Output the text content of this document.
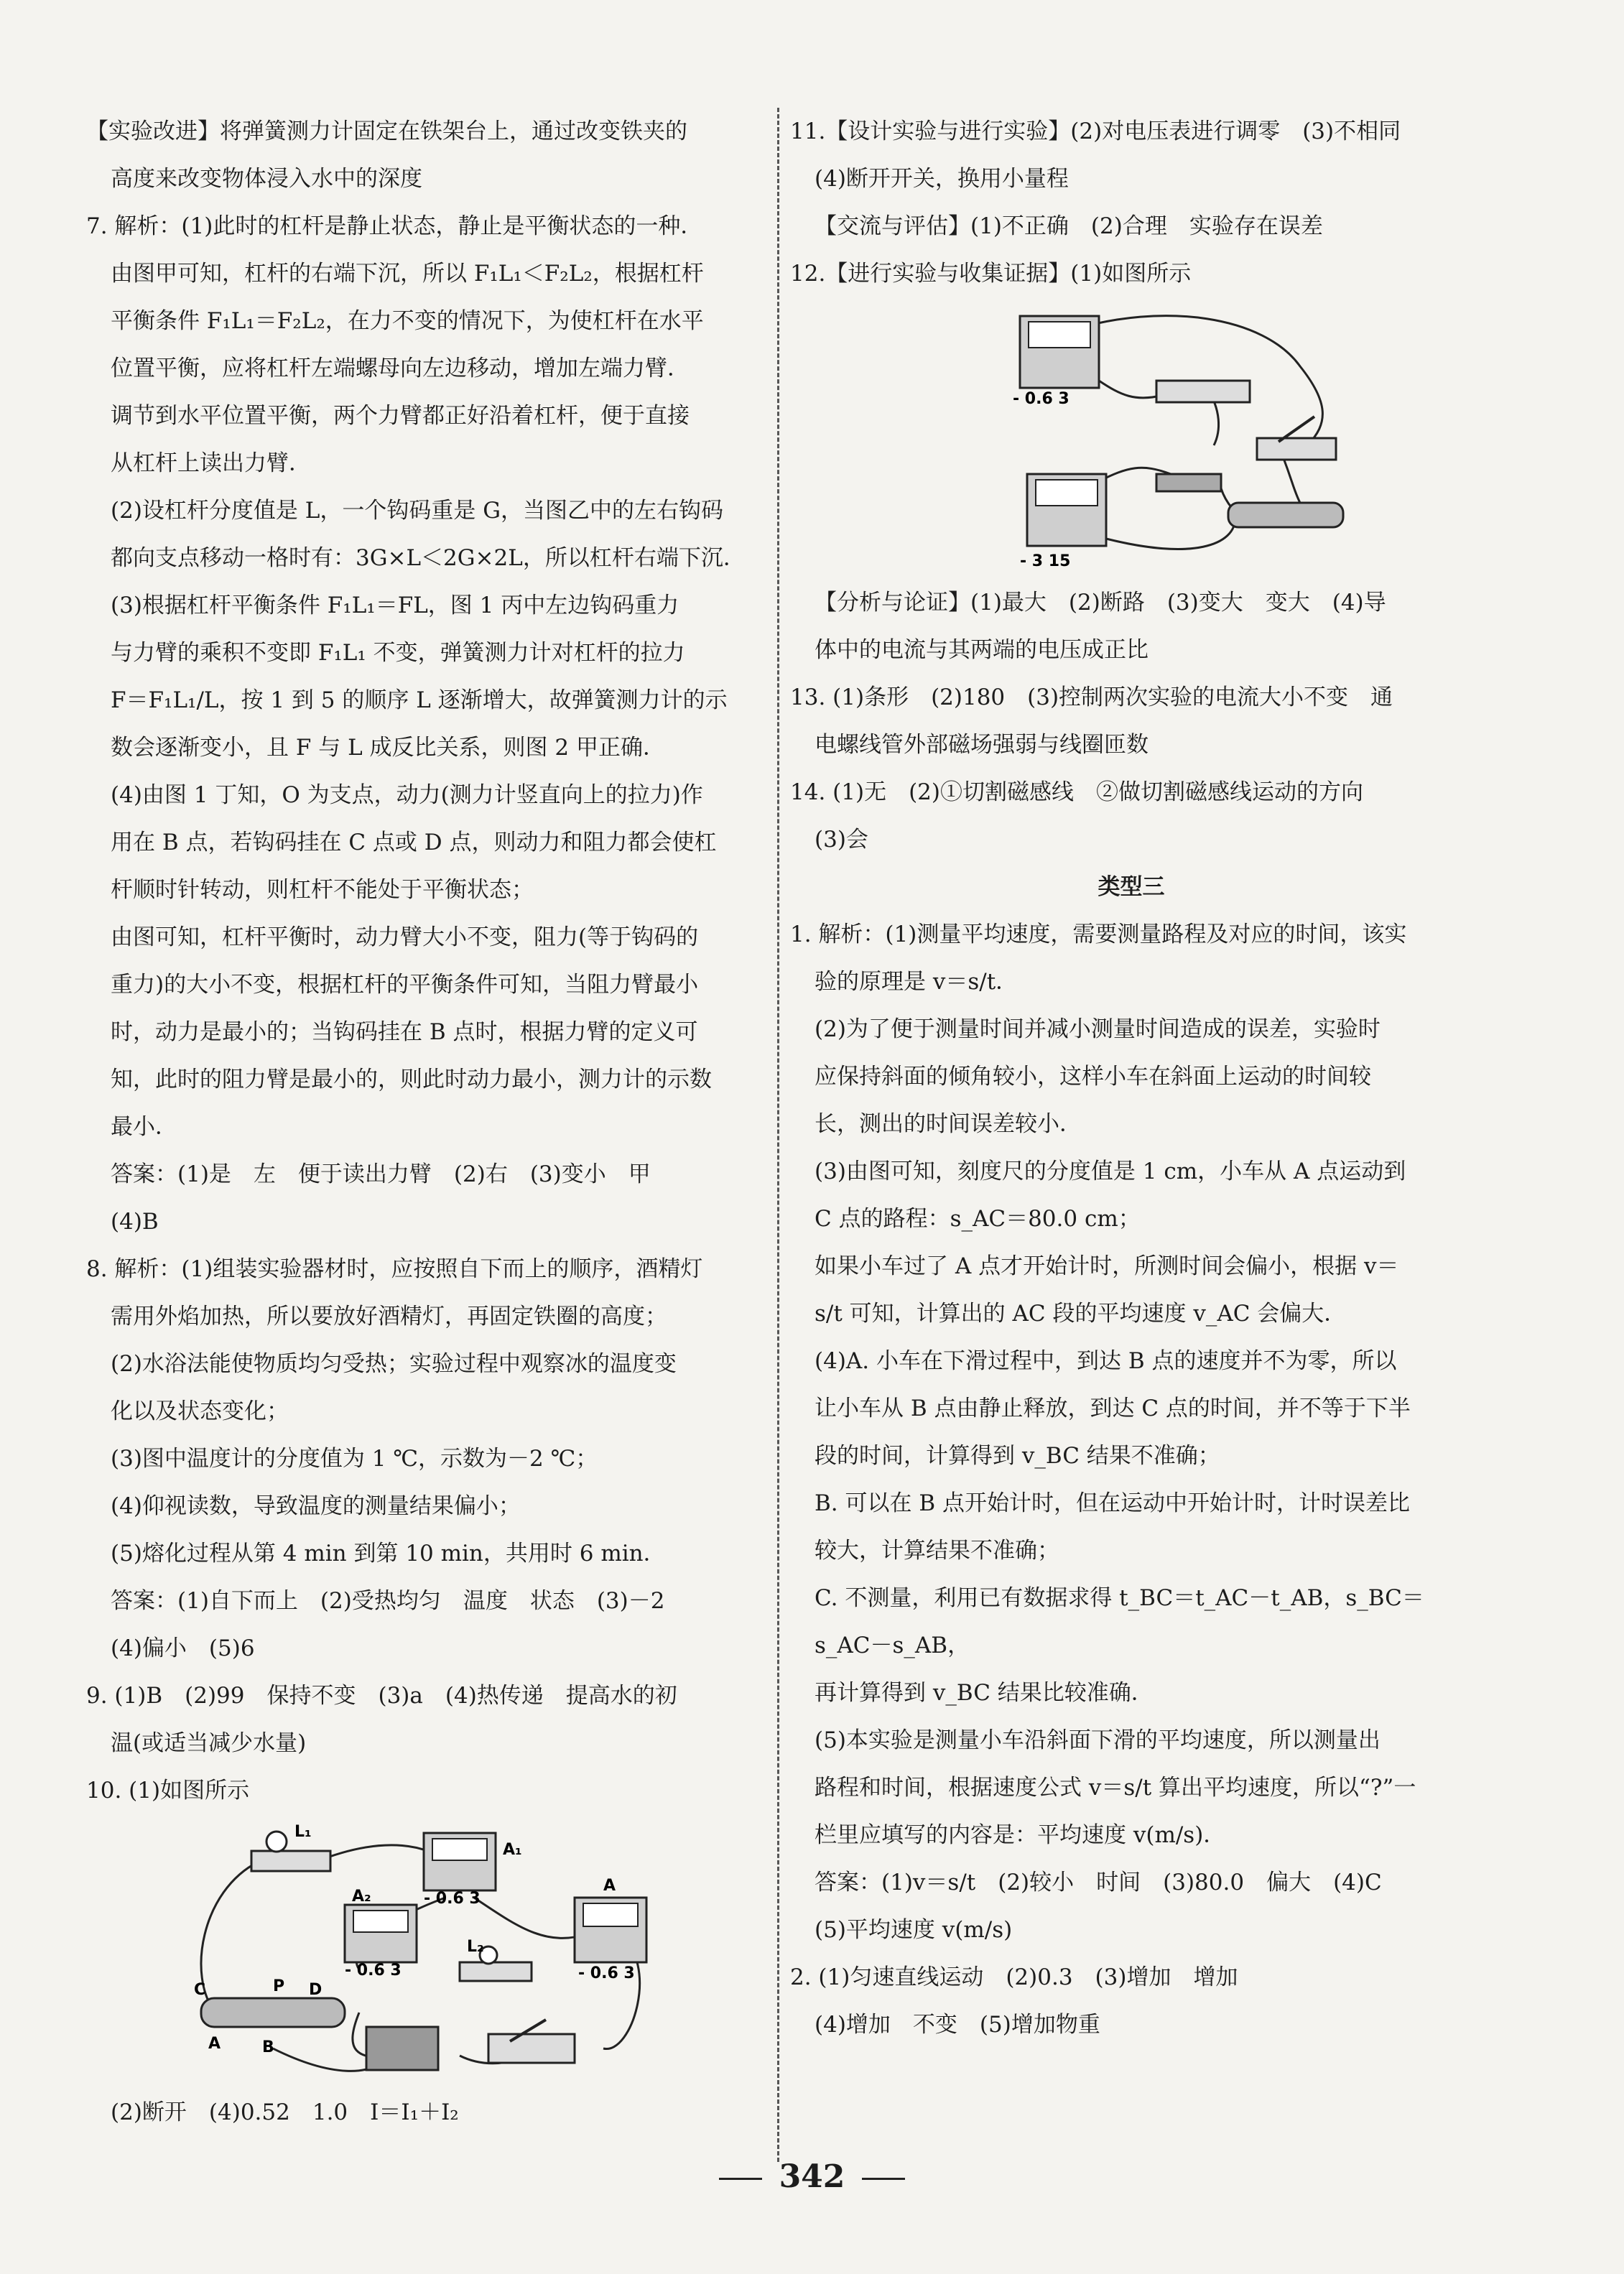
【实验改进】将弹簧测力计固定在铁架台上，通过改变铁夹的

高度来改变物体浸入水中的深度

7. 解析：(1)此时的杠杆是静止状态，静止是平衡状态的一种．

由图甲可知，杠杆的右端下沉，所以 F₁L₁＜F₂L₂，根据杠杆

平衡条件 F₁L₁＝F₂L₂，在力不变的情况下，为使杠杆在水平

位置平衡，应将杠杆左端螺母向左边移动，增加左端力臂．

调节到水平位置平衡，两个力臂都正好沿着杠杆，便于直接

从杠杆上读出力臂．

(2)设杠杆分度值是 L，一个钩码重是 G，当图乙中的左右钩码

都向支点移动一格时有：3G×L＜2G×2L，所以杠杆右端下沉．

(3)根据杠杆平衡条件 F₁L₁＝FL，图 1 丙中左边钩码重力

与力臂的乘积不变即 F₁L₁ 不变，弹簧测力计对杠杆的拉力

F＝F₁L₁/L，按 1 到 5 的顺序 L 逐渐增大，故弹簧测力计的示

数会逐渐变小，且 F 与 L 成反比关系，则图 2 甲正确．

(4)由图 1 丁知，O 为支点，动力(测力计竖直向上的拉力)作

用在 B 点，若钩码挂在 C 点或 D 点，则动力和阻力都会使杠

杆顺时针转动，则杠杆不能处于平衡状态；

由图可知，杠杆平衡时，动力臂大小不变，阻力(等于钩码的

重力)的大小不变，根据杠杆的平衡条件可知，当阻力臂最小

时，动力是最小的；当钩码挂在 B 点时，根据力臂的定义可

知，此时的阻力臂是最小的，则此时动力最小，测力计的示数

最小．

答案：(1)是　左　便于读出力臂　(2)右　(3)变小　甲

(4)B

8. 解析：(1)组装实验器材时，应按照自下而上的顺序，酒精灯

需用外焰加热，所以要放好酒精灯，再固定铁圈的高度；

(2)水浴法能使物质均匀受热；实验过程中观察冰的温度变

化以及状态变化；

(3)图中温度计的分度值为 1 ℃，示数为－2 ℃；

(4)仰视读数，导致温度的测量结果偏小；

(5)熔化过程从第 4 min 到第 10 min，共用时 6 min．

答案：(1)自下而上　(2)受热均匀　温度　状态　(3)－2

(4)偏小　(5)6

9. (1)B　(2)99　保持不变　(3)a　(4)热传递　提高水的初

温(或适当减少水量)

10. (1)如图所示

L₁
A₁
A₂
A
L₂
C	P D
A	B
- 0.6 3
- 0.6 3	- 0.6 3

(2)断开　(4)0.52　1.0　I＝I₁＋I₂

11.【设计实验与进行实验】(2)对电压表进行调零　(3)不相同

(4)断开开关，换用小量程

【交流与评估】(1)不正确　(2)合理　实验存在误差

12.【进行实验与收集证据】(1)如图所示

- 0.6 3
- 3 15

【分析与论证】(1)最大　(2)断路　(3)变大　变大　(4)导

体中的电流与其两端的电压成正比

13. (1)条形　(2)180　(3)控制两次实验的电流大小不变　通

电螺线管外部磁场强弱与线圈匝数

14. (1)无　(2)①切割磁感线　②做切割磁感线运动的方向

(3)会

类型三

1. 解析：(1)测量平均速度，需要测量路程及对应的时间，该实

验的原理是 v＝s/t．

(2)为了便于测量时间并减小测量时间造成的误差，实验时

应保持斜面的倾角较小，这样小车在斜面上运动的时间较

长，测出的时间误差较小．

(3)由图可知，刻度尺的分度值是 1 cm，小车从 A 点运动到

C 点的路程：s_AC＝80.0 cm；

如果小车过了 A 点才开始计时，所测时间会偏小，根据 v＝

s/t 可知，计算出的 AC 段的平均速度 v_AC 会偏大．

(4)A. 小车在下滑过程中，到达 B 点的速度并不为零，所以

让小车从 B 点由静止释放，到达 C 点的时间，并不等于下半

段的时间，计算得到 v_BC 结果不准确；

B. 可以在 B 点开始计时，但在运动中开始计时，计时误差比

较大，计算结果不准确；

C. 不测量，利用已有数据求得 t_BC＝t_AC－t_AB，s_BC＝s_AC－s_AB，

再计算得到 v_BC 结果比较准确．

(5)本实验是测量小车沿斜面下滑的平均速度，所以测量出

路程和时间，根据速度公式 v＝s/t 算出平均速度，所以“?”一

栏里应填写的内容是：平均速度 v(m/s)．

答案：(1)v＝s/t　(2)较小　时间　(3)80.0　偏大　(4)C

(5)平均速度 v(m/s)

2. (1)匀速直线运动　(2)0.3　(3)增加　增加

(4)增加　不变　(5)增加物重

342
